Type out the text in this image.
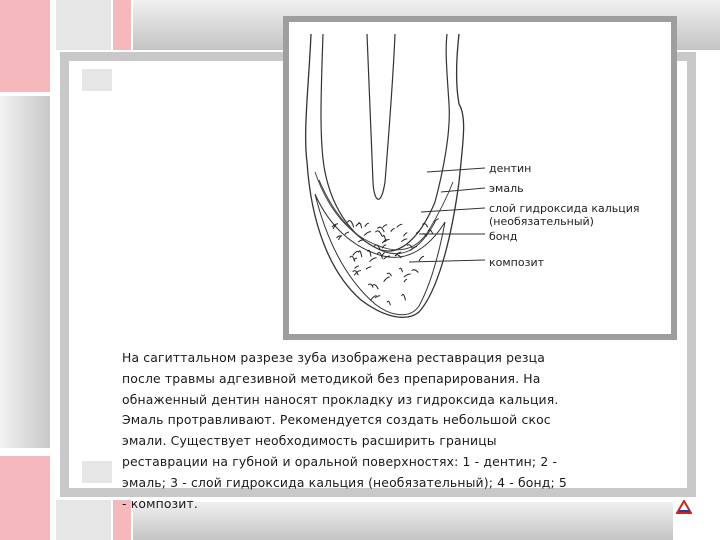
дентин
эмаль
слой гидроксида кальция
(необязательный)
бонд
композит
На сагиттальном разрезе зуба изображена реставрация резца
после травмы адгезивной методикой без препарирования. На
обнаженный дентин наносят прокладку из гидроксида кальция.
Эмаль протравливают. Рекомендуется создать небольшой скос
эмали. Существует необходимость расширить границы
реставрации на губной и оральной поверхностях: 1 - дентин; 2 -
эмаль; 3 - слой гидроксида кальция (необязательный); 4 - бонд; 5
- композит.
